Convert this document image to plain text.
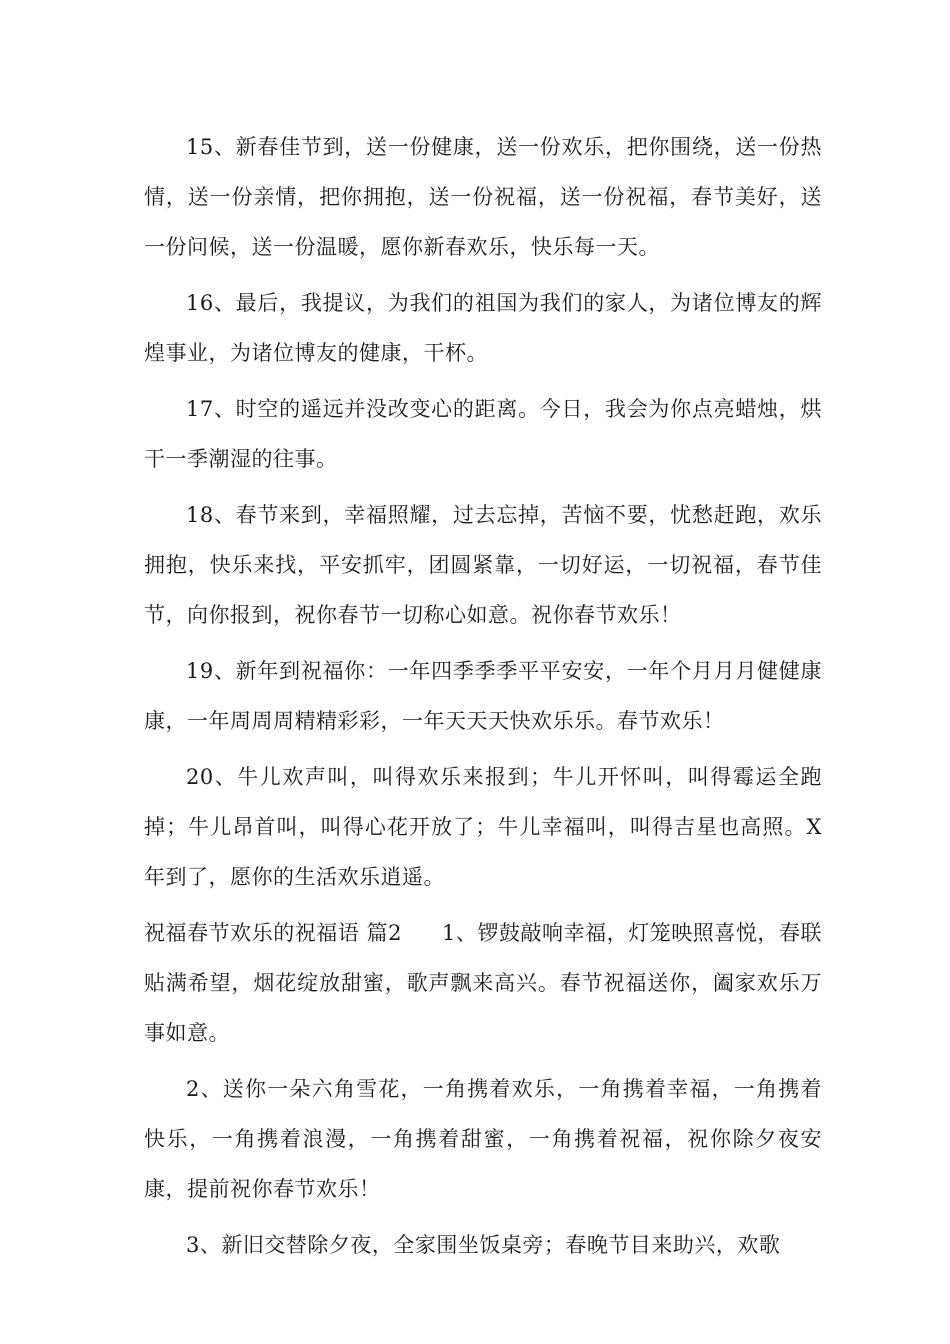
15、新春佳节到，送一份健康，送一份欢乐，把你围绕，送一份热情，送一份亲情，把你拥抱，送一份祝福，送一份祝福，春节美好，送一份问候，送一份温暖，愿你新春欢乐，快乐每一天。

16、最后，我提议，为我们的祖国为我们的家人，为诸位博友的辉煌事业，为诸位博友的健康，干杯。

17、时空的遥远并没改变心的距离。今日，我会为你点亮蜡烛，烘干一季潮湿的往事。

18、春节来到，幸福照耀，过去忘掉，苦恼不要，忧愁赶跑，欢乐拥抱，快乐来找，平安抓牢，团圆紧靠，一切好运，一切祝福，春节佳节，向你报到，祝你春节一切称心如意。祝你春节欢乐！

19、新年到祝福你：一年四季季季平平安安，一年个月月月健健康康，一年周周周精精彩彩，一年天天天快欢乐乐。春节欢乐！

20、牛儿欢声叫，叫得欢乐来报到；牛儿开怀叫，叫得霉运全跑掉；牛儿昂首叫，叫得心花开放了；牛儿幸福叫，叫得吉星也高照。X年到了，愿你的生活欢乐逍遥。

祝福春节欢乐的祝福语 篇2 1、锣鼓敲响幸福，灯笼映照喜悦，春联贴满希望，烟花绽放甜蜜，歌声飘来高兴。春节祝福送你，阖家欢乐万事如意。

2、送你一朵六角雪花，一角携着欢乐，一角携着幸福，一角携着快乐，一角携着浪漫，一角携着甜蜜，一角携着祝福，祝你除夕夜安康，提前祝你春节欢乐！

3、新旧交替除夕夜，全家围坐饭桌旁；春晚节目来助兴，欢歌
